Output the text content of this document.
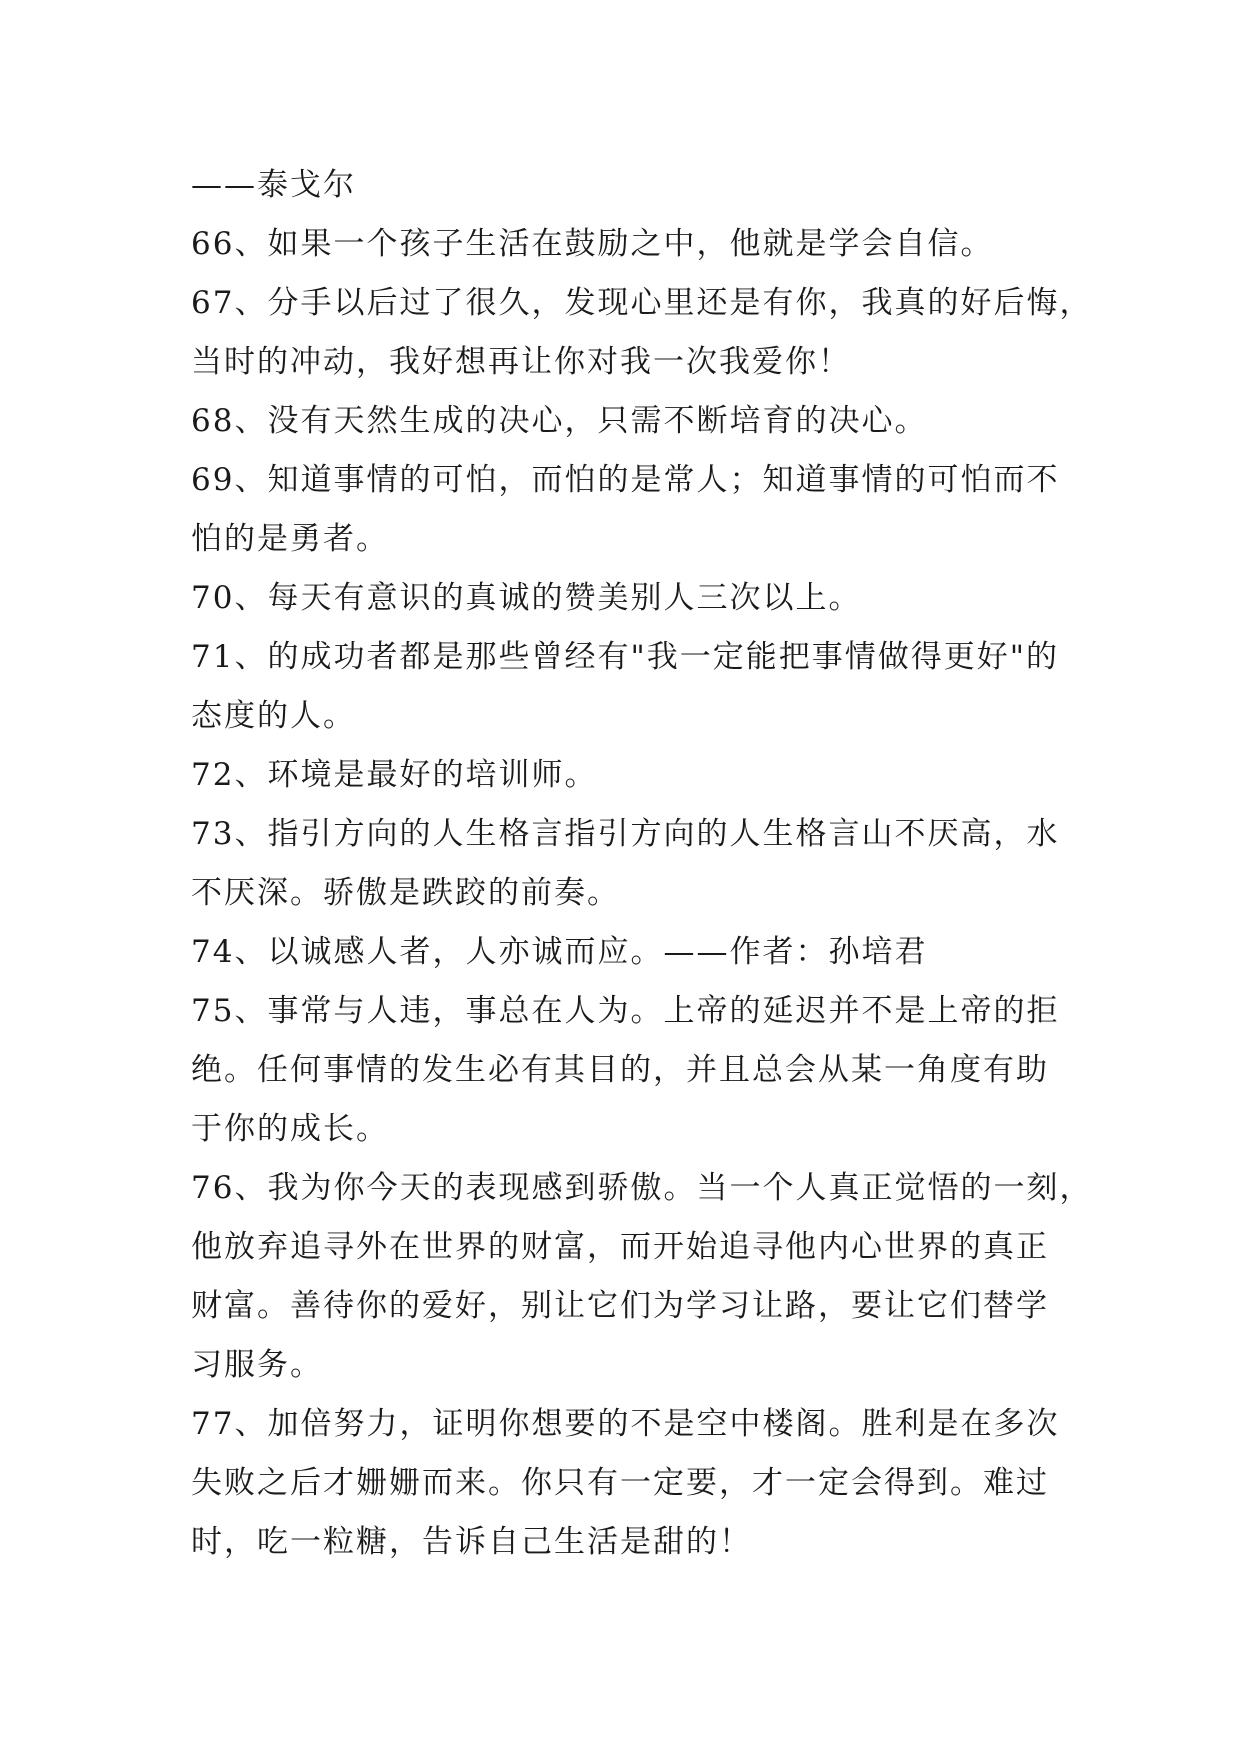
——泰戈尔
66、如果一个孩子生活在鼓励之中，他就是学会自信。
67、分手以后过了很久，发现心里还是有你，我真的好后悔，
当时的冲动，我好想再让你对我一次我爱你！
68、没有天然生成的决心，只需不断培育的决心。
69、知道事情的可怕，而怕的是常人；知道事情的可怕而不
怕的是勇者。
70、每天有意识的真诚的赞美别人三次以上。
71、的成功者都是那些曾经有"我一定能把事情做得更好"的
态度的人。
72、环境是最好的培训师。
73、指引方向的人生格言指引方向的人生格言山不厌高，水
不厌深。骄傲是跌跤的前奏。
74、以诚感人者，人亦诚而应。——作者：孙培君
75、事常与人违，事总在人为。上帝的延迟并不是上帝的拒
绝。任何事情的发生必有其目的，并且总会从某一角度有助
于你的成长。
76、我为你今天的表现感到骄傲。当一个人真正觉悟的一刻，
他放弃追寻外在世界的财富，而开始追寻他内心世界的真正
财富。善待你的爱好，别让它们为学习让路，要让它们替学
习服务。
77、加倍努力，证明你想要的不是空中楼阁。胜利是在多次
失败之后才姗姗而来。你只有一定要，才一定会得到。难过
时，吃一粒糖，告诉自己生活是甜的！
